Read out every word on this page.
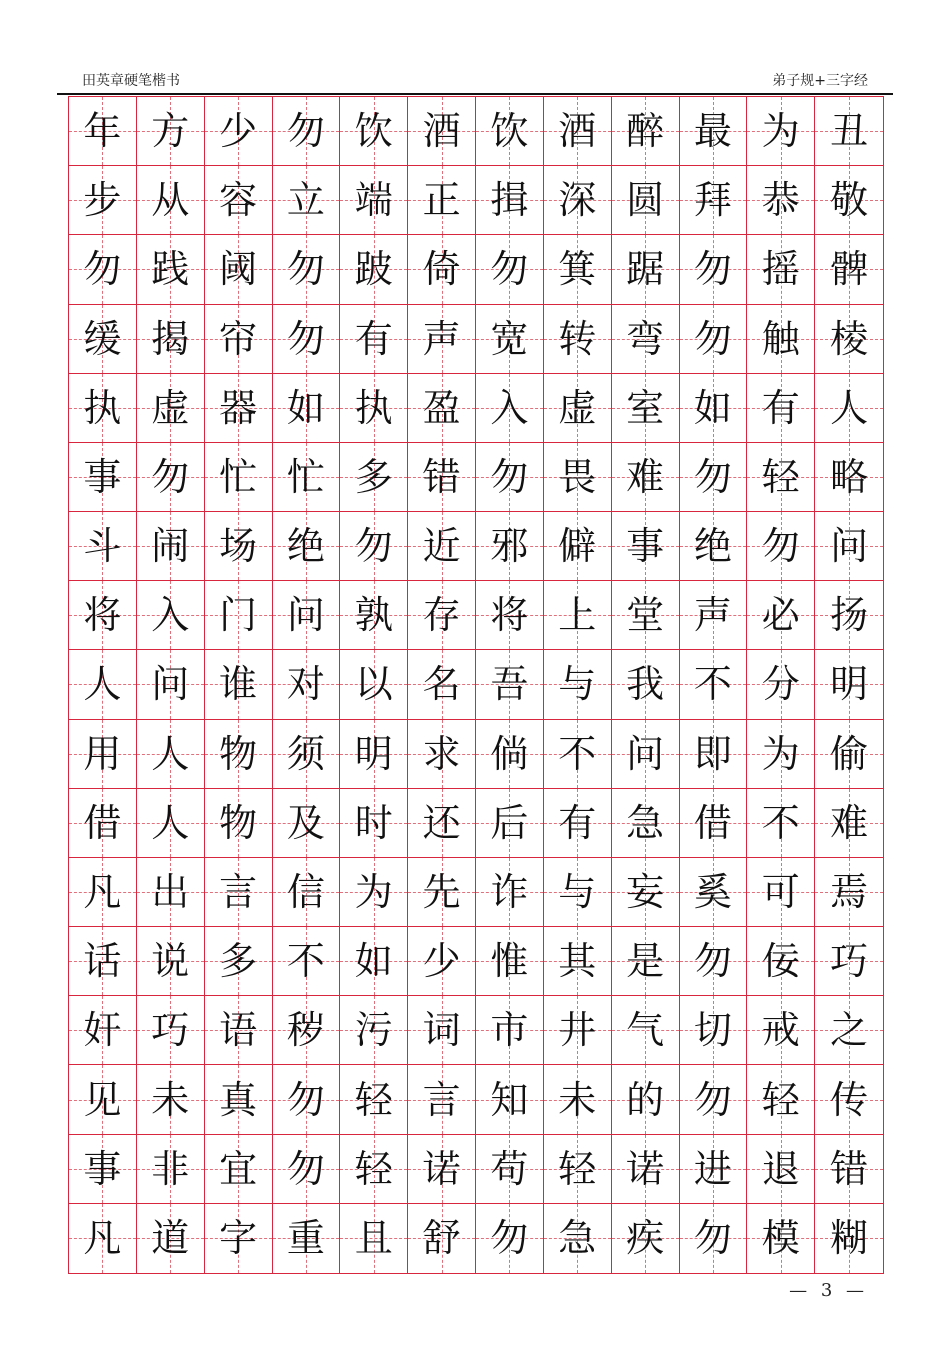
田英章硬笔楷书	弟子规+三字经
年 方 少 勿 饮 酒 饮 酒 醉 最 为 丑
步 从 容 立 端 正 揖 深 圆 拜 恭 敬
勿 践 阈 勿 跛 倚 勿 箕 踞 勿 摇 髀
缓 揭 帘 勿 有 声 宽 转 弯 勿 触 棱
执 虚 器 如 执 盈 入 虚 室 如 有 人
事 勿 忙 忙 多 错 勿 畏 难 勿 轻 略
斗 闹 场 绝 勿 近 邪 僻 事 绝 勿 问
将 入 门 问 孰 存 将 上 堂 声 必 扬
人 问 谁 对 以 名 吾 与 我 不 分 明
用 人 物 须 明 求 倘 不 问 即 为 偷
借 人 物 及 时 还 后 有 急 借 不 难
凡 出 言 信 为 先 诈 与 妄 奚 可 焉
话 说 多 不 如 少 惟 其 是 勿 佞 巧
奸 巧 语 秽 污 词 市 井 气 切 戒 之
见 未 真 勿 轻 言 知 未 的 勿 轻 传
事 非 宜 勿 轻 诺 苟 轻 诺 进 退 错
凡 道 字 重 且 舒 勿 急 疾 勿 模 糊
— 3 —
